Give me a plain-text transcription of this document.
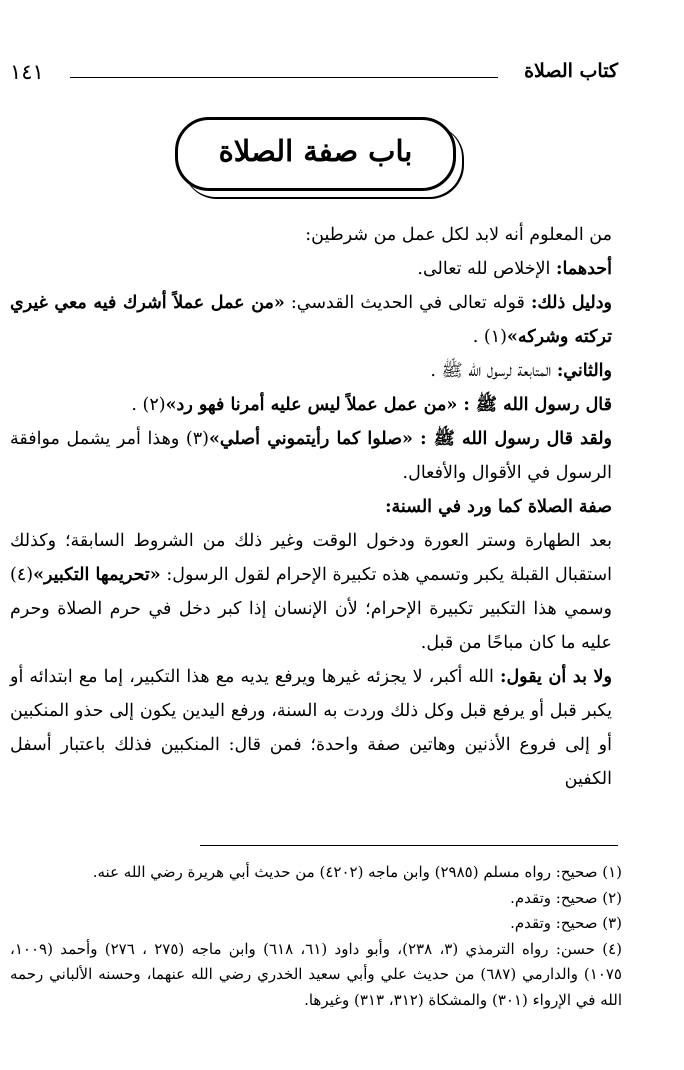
كتاب الصلاة
١٤١
باب صفة الصلاة

من المعلوم أنه لابد لكل عمل من شرطين:

أحدهما: الإخلاص لله تعالى.

ودليل ذلك: قوله تعالى في الحديث القدسي: «من عمل عملاً أشرك فيه معي غيري تركته وشركه»(١) .

والثاني: المتابعة لرسول الله ﷺ .

قال رسول الله ﷺ : «من عمل عملاً ليس عليه أمرنا فهو رد»(٢) .

ولقد قال رسول الله ﷺ : «صلوا كما رأيتموني أصلي»(٣) وهذا أمر يشمل موافقة الرسول في الأقوال والأفعال.

صفة الصلاة كما ورد في السنة:

بعد الطهارة وستر العورة ودخول الوقت وغير ذلك من الشروط السابقة؛ وكذلك استقبال القبلة يكبر وتسمي هذه تكبيرة الإحرام لقول الرسول: «تحريمها التكبير»(٤) وسمي هذا التكبير تكبيرة الإحرام؛ لأن الإنسان إذا كبر دخل في حرم الصلاة وحرم عليه ما كان مباحًا من قبل.

ولا بد أن يقول: الله أكبر، لا يجزئه غيرها ويرفع يديه مع هذا التكبير، إما مع ابتدائه أو يكبر قبل أو يرفع قبل وكل ذلك وردت به السنة، ورفع اليدين يكون إلى حذو المنكبين أو إلى فروع الأذنين وهاتين صفة واحدة؛ فمن قال: المنكبين فذلك باعتبار أسفل الكفين

(١) صحيح: رواه مسلم (٢٩٨٥) وابن ماجه (٤٢٠٢) من حديث أبي هريرة رضي الله عنه.

(٢) صحيح: وتقدم.

(٣) صحيح: وتقدم.

(٤) حسن: رواه الترمذي (٣، ٢٣٨)، وأبو داود (٦١، ٦١٨) وابن ماجه (٢٧٥ ، ٢٧٦) وأحمد (١٠٠٩، ١٠٧٥) والدارمي (٦٨٧) من حديث علي وأبي سعيد الخدري رضي الله عنهما، وحسنه الألباني رحمه الله في الإرواء (٣٠١) والمشكاة (٣١٢، ٣١٣) وغيرها.
